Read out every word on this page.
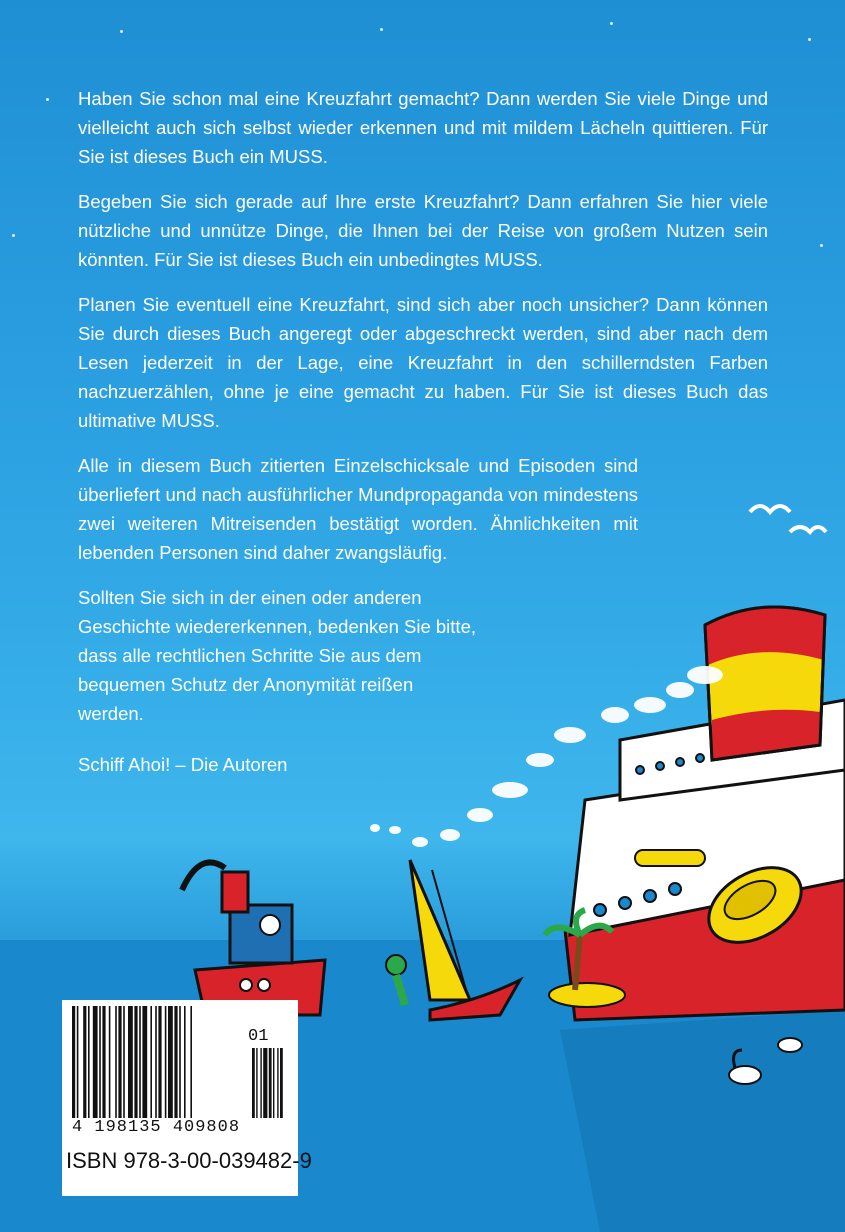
Haben Sie schon mal eine Kreuzfahrt gemacht? Dann werden Sie viele Dinge und vielleicht auch sich selbst wieder erkennen und mit mildem Lächeln quittieren. Für Sie ist dieses Buch ein MUSS.

Begeben Sie sich gerade auf Ihre erste Kreuzfahrt? Dann erfahren Sie hier viele nützliche und unnütze Dinge, die Ihnen bei der Reise von großem Nutzen sein könnten. Für Sie ist dieses Buch ein unbedingtes MUSS.

Planen Sie eventuell eine Kreuzfahrt, sind sich aber noch unsicher? Dann können Sie durch dieses Buch angeregt oder abgeschreckt werden, sind aber nach dem Lesen jederzeit in der Lage, eine Kreuzfahrt in den schillerndsten Farben nachzuerzählen, ohne je eine gemacht zu haben. Für Sie ist dieses Buch das ultimative MUSS.

Alle in diesem Buch zitierten Einzelschicksale und Episoden sind überliefert und nach ausführlicher Mundpropaganda von mindestens zwei weiteren Mitreisenden bestätigt worden. Ähnlichkeiten mit lebenden Personen sind daher zwangsläufig.

Sollten Sie sich in der einen oder anderen Geschichte wiedererkennen, bedenken Sie bitte, dass alle rechtlichen Schritte Sie aus dem bequemen Schutz der Anonymität reißen werden.

Schiff Ahoi! – Die Autoren

01
4 198135 409808
ISBN 978-3-00-039482-9
